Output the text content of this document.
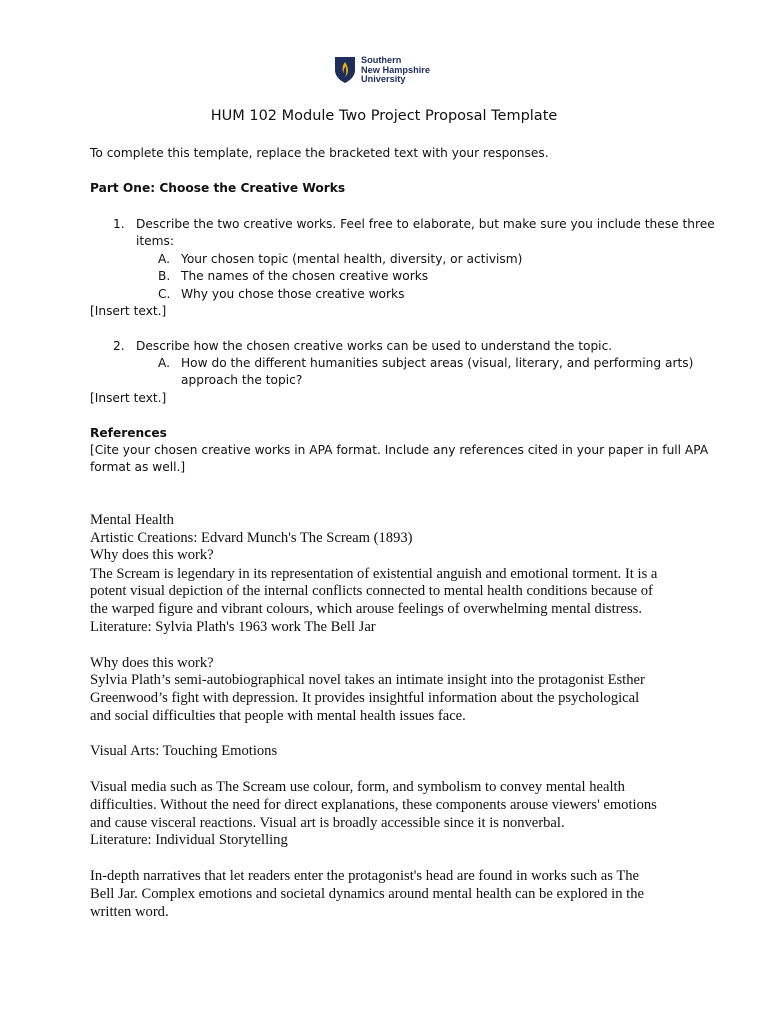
Southern
New Hampshire
University
HUM 102 Module Two Project Proposal Template
To complete this template, replace the bracketed text with your responses.
Part One: Choose the Creative Works
1. Describe the two creative works. Feel free to elaborate, but make sure you include these three
items:
A. Your chosen topic (mental health, diversity, or activism)
B. The names of the chosen creative works
C. Why you chose those creative works
[Insert text.]
2. Describe how the chosen creative works can be used to understand the topic.
A. How do the different humanities subject areas (visual, literary, and performing arts)
approach the topic?
[Insert text.]
References
[Cite your chosen creative works in APA format. Include any references cited in your paper in full APA
format as well.]
Mental Health
Artistic Creations: Edvard Munch's The Scream (1893)
Why does this work?
The Scream is legendary in its representation of existential anguish and emotional torment. It is a
potent visual depiction of the internal conflicts connected to mental health conditions because of
the warped figure and vibrant colours, which arouse feelings of overwhelming mental distress.
Literature: Sylvia Plath's 1963 work The Bell Jar
Why does this work?
Sylvia Plath’s semi-autobiographical novel takes an intimate insight into the protagonist Esther
Greenwood’s fight with depression. It provides insightful information about the psychological
and social difficulties that people with mental health issues face.
Visual Arts: Touching Emotions
Visual media such as The Scream use colour, form, and symbolism to convey mental health
difficulties. Without the need for direct explanations, these components arouse viewers' emotions
and cause visceral reactions. Visual art is broadly accessible since it is nonverbal.
Literature: Individual Storytelling
In-depth narratives that let readers enter the protagonist's head are found in works such as The
Bell Jar. Complex emotions and societal dynamics around mental health can be explored in the
written word.
